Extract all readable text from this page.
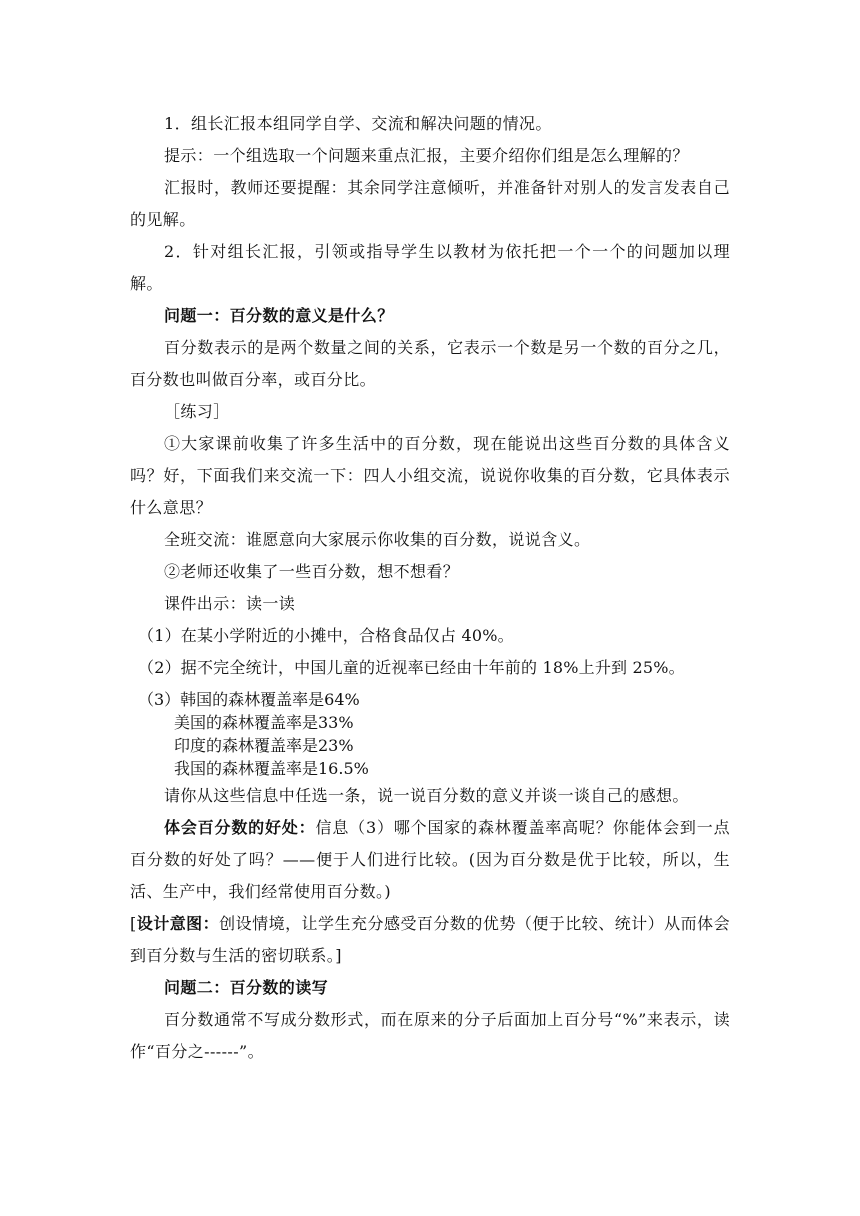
1．组长汇报本组同学自学、交流和解决问题的情况。

提示：一个组选取一个问题来重点汇报，主要介绍你们组是怎么理解的？

汇报时，教师还要提醒：其余同学注意倾听，并准备针对别人的发言发表自己的见解。

2．针对组长汇报，引领或指导学生以教材为依托把一个一个的问题加以理解。

问题一：百分数的意义是什么？

百分数表示的是两个数量之间的关系，它表示一个数是另一个数的百分之几，百分数也叫做百分率，或百分比。

［练习］

①大家课前收集了许多生活中的百分数，现在能说出这些百分数的具体含义吗？好，下面我们来交流一下：四人小组交流，说说你收集的百分数，它具体表示什么意思？

全班交流：谁愿意向大家展示你收集的百分数，说说含义。

②老师还收集了一些百分数，想不想看？

课件出示：读一读

（1）在某小学附近的小摊中，合格食品仅占 40%。
（2）据不完全统计，中国儿童的近视率已经由十年前的 18%上升到 25%。
（3）韩国的森林覆盖率是64%
美国的森林覆盖率是33%
印度的森林覆盖率是23%
我国的森林覆盖率是16.5%

请你从这些信息中任选一条，说一说百分数的意义并谈一谈自己的感想。

体会百分数的好处：信息（3）哪个国家的森林覆盖率高呢？你能体会到一点百分数的好处了吗？——便于人们进行比较。(因为百分数是优于比较，所以，生活、生产中，我们经常使用百分数。)

[设计意图：创设情境，让学生充分感受百分数的优势（便于比较、统计）从而体会到百分数与生活的密切联系。]

问题二：百分数的读写

百分数通常不写成分数形式，而在原来的分子后面加上百分号“%”来表示，读作“百分之------”。
